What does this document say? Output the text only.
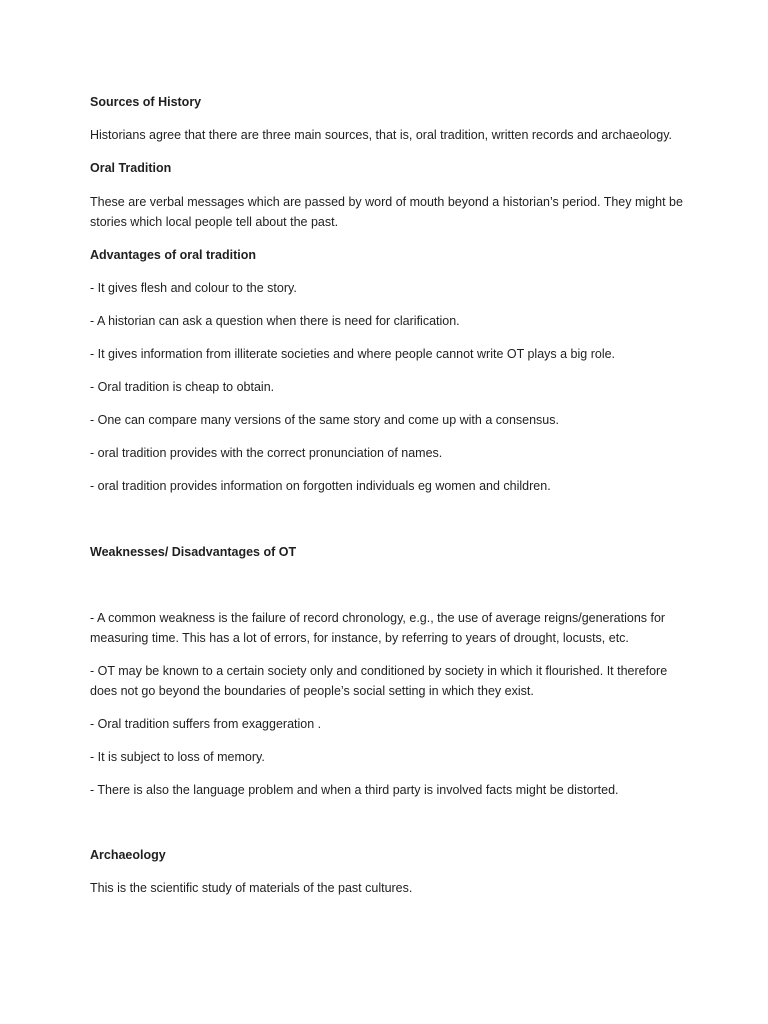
Sources of History

Historians agree that there are three main sources, that is, oral tradition, written records and archaeology.

Oral Tradition

These are verbal messages which are passed by word of mouth beyond a historian’s period. They might be stories which local people tell about the past.

Advantages of oral tradition

- It gives flesh and colour to the story.

- A historian can ask a question when there is need for clarification.

- It gives information from illiterate societies and where people cannot write OT plays a big role.

- Oral tradition is cheap to obtain.

- One can compare many versions of the same story and come up with a consensus.

- oral tradition provides with the correct pronunciation of names.

- oral tradition provides information on forgotten individuals eg women and children.

Weaknesses/ Disadvantages of OT

- A common weakness is the failure of record chronology, e.g., the use of average reigns/generations for measuring time. This has a lot of errors, for instance, by referring to years of drought, locusts, etc.

- OT may be known to a certain society only and conditioned by society in which it flourished. It therefore does not go beyond the boundaries of people’s social setting in which they exist.

- Oral tradition suffers from exaggeration .

- It is subject to loss of memory.

- There is also the language problem and when a third party is involved facts might be distorted.

Archaeology

This is the scientific study of materials of the past cultures.
